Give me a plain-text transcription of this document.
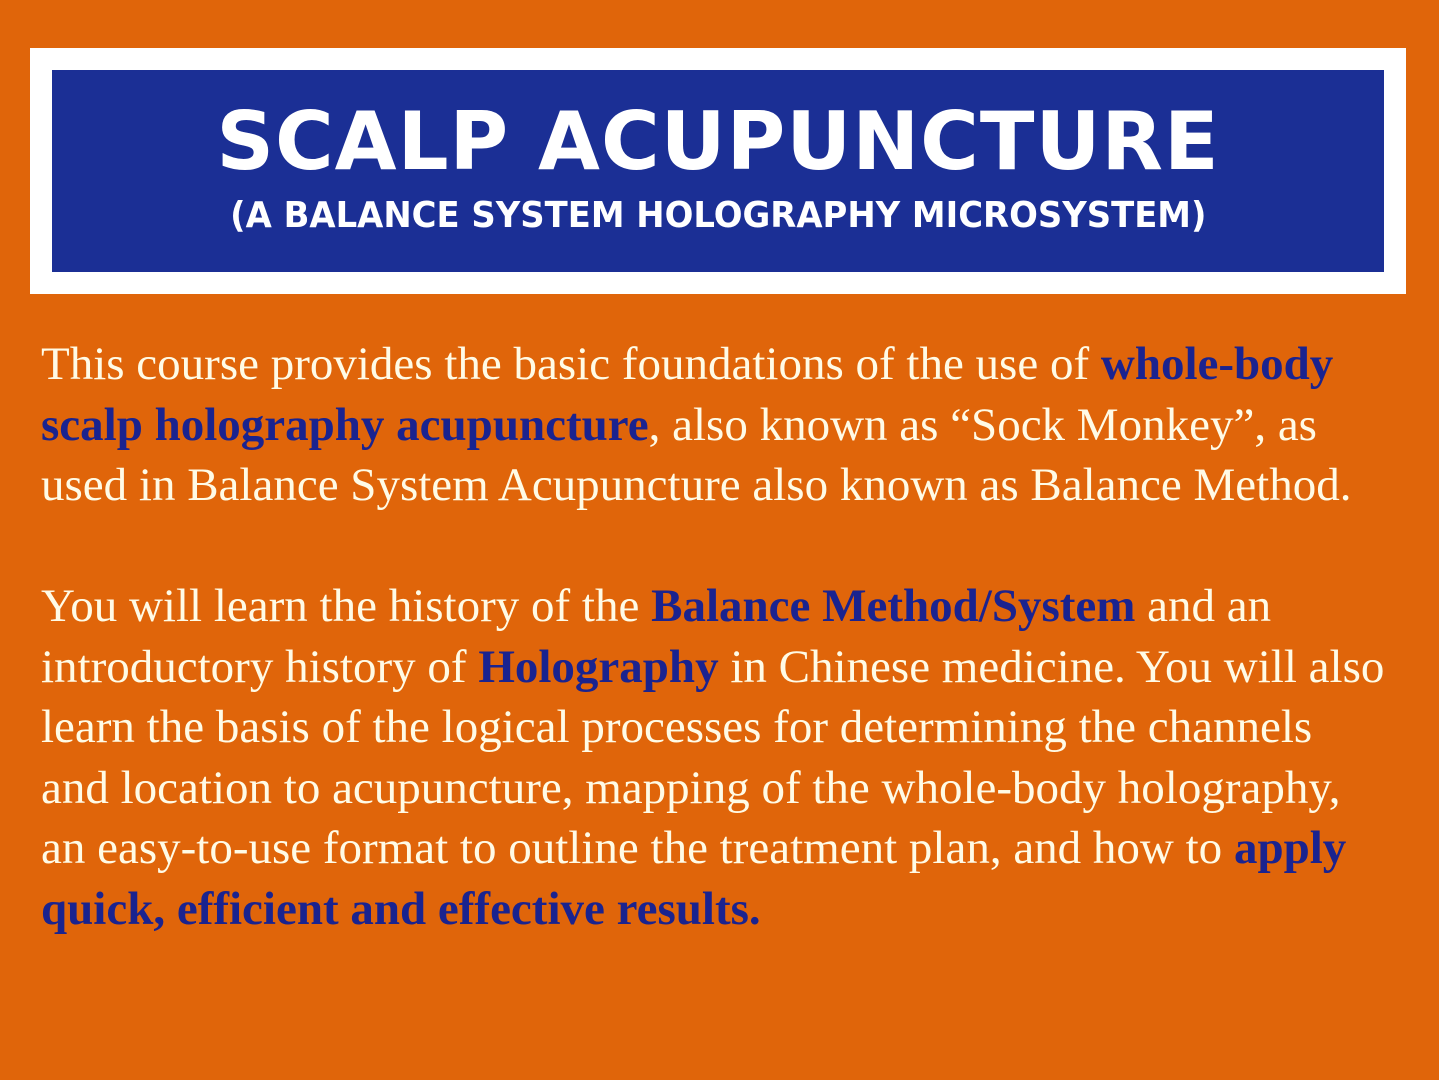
SCALP ACUPUNCTURE
(A BALANCE SYSTEM HOLOGRAPHY MICROSYSTEM)

This course provides the basic foundations of the use of whole-body scalp holography acupuncture, also known as “Sock Monkey”, as used in Balance System Acupuncture also known as Balance Method.

You will learn the history of the Balance Method/System and an introductory history of Holography in Chinese medicine. You will also learn the basis of the logical processes for determining the channels and location to acupuncture, mapping of the whole-body holography, an easy-to-use format to outline the treatment plan, and how to apply quick, efficient and effective results.
